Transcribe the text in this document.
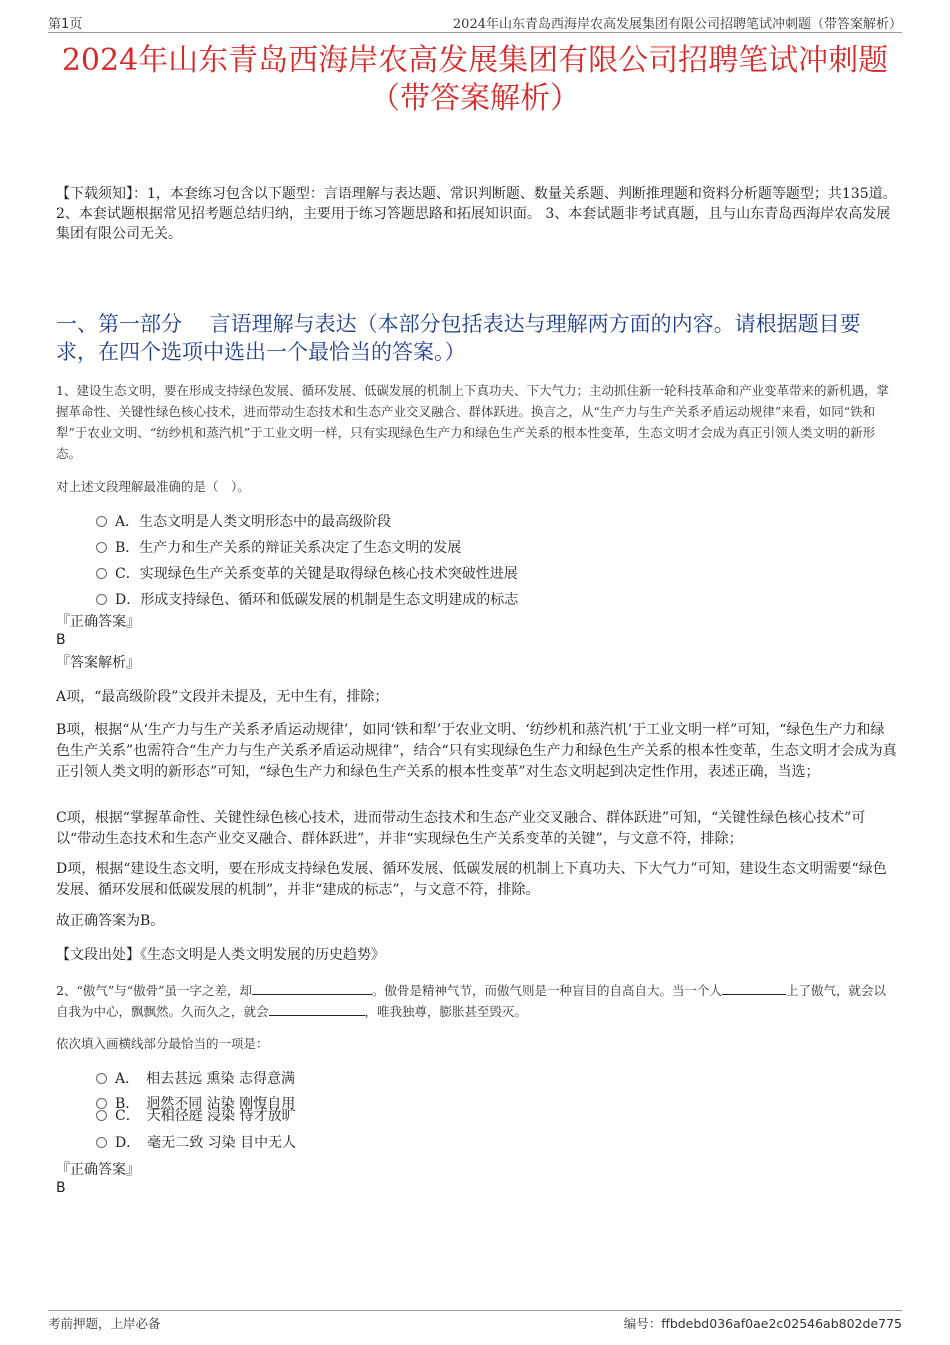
第1页	2024年山东青岛西海岸农高发展集团有限公司招聘笔试冲刺题（带答案解析）
2024年山东青岛西海岸农高发展集团有限公司招聘笔试冲刺题
（带答案解析）

【下载须知】：1，本套练习包含以下题型：言语理解与表达题、常识判断题、数量关系题、判断推理题和资料分析题等题型；共135道。 2、本套试题根据常见招考题总结归纳，主要用于练习答题思路和拓展知识面。 3、本套试题非考试真题，且与山东青岛西海岸农高发展集团有限公司无关。

一、第一部分　 言语理解与表达（本部分包括表达与理解两方面的内容。请根据题目要求，在四个选项中选出一个最恰当的答案。）

1、建设生态文明，要在形成支持绿色发展、循环发展、低碳发展的机制上下真功夫、下大气力；主动抓住新一轮科技革命和产业变革带来的新机遇，掌握革命性、关键性绿色核心技术，进而带动生态技术和生态产业交叉融合、群体跃进。换言之，从“生产力与生产关系矛盾运动规律”来看，如同“铁和犁”于农业文明、“纺纱机和蒸汽机”于工业文明一样，只有实现绿色生产力和绿色生产关系的根本性变革，生态文明才会成为真正引领人类文明的新形态。

对上述文段理解最准确的是（　）。

A．生态文明是人类文明形态中的最高级阶段
B．生产力和生产关系的辩证关系决定了生态文明的发展
C．实现绿色生产关系变革的关键是取得绿色核心技术突破性进展
D．形成支持绿色、循环和低碳发展的机制是生态文明建成的标志
『正确答案』
B
『答案解析』

A项，“最高级阶段”文段并未提及，无中生有，排除；

B项，根据“从‘生产力与生产关系矛盾运动规律’，如同‘铁和犁’于农业文明、‘纺纱机和蒸汽机’于工业文明一样”可知，“绿色生产力和绿色生产关系”也需符合“生产力与生产关系矛盾运动规律”，结合“只有实现绿色生产力和绿色生产关系的根本性变革，生态文明才会成为真正引领人类文明的新形态”可知，“绿色生产力和绿色生产关系的根本性变革”对生态文明起到决定性作用，表述正确，当选；

C项，根据“掌握革命性、关键性绿色核心技术，进而带动生态技术和生态产业交叉融合、群体跃进”可知，“关键性绿色核心技术”可以“带动生态技术和生态产业交叉融合、群体跃进”，并非“实现绿色生产关系变革的关键”，与文意不符，排除；

D项，根据“建设生态文明，要在形成支持绿色发展、循环发展、低碳发展的机制上下真功夫、下大气力”可知，建设生态文明需要“绿色发展、循环发展和低碳发展的机制”，并非“建成的标志”，与文意不符，排除。

故正确答案为B。

【文段出处】《生态文明是人类文明发展的历史趋势》

2、“傲气”与“傲骨”虽一字之差，却	。傲骨是精神气节，而傲气则是一种盲目的自高自大。当一个人	上了傲气，就会以自我为中心，飘飘然。久而久之，就会	，唯我独尊，膨胀甚至毁灭。

依次填入画横线部分最恰当的一项是：

A．　相去甚远 熏染 志得意满
B．　迥然不同 沾染 刚愎自用
C．　天相径庭 浸染 恃才放旷
D．　毫无二致 习染 目中无人
『正确答案』
B
考前押题，上岸必备	编号：ffbdebd036af0ae2c02546ab802de775
